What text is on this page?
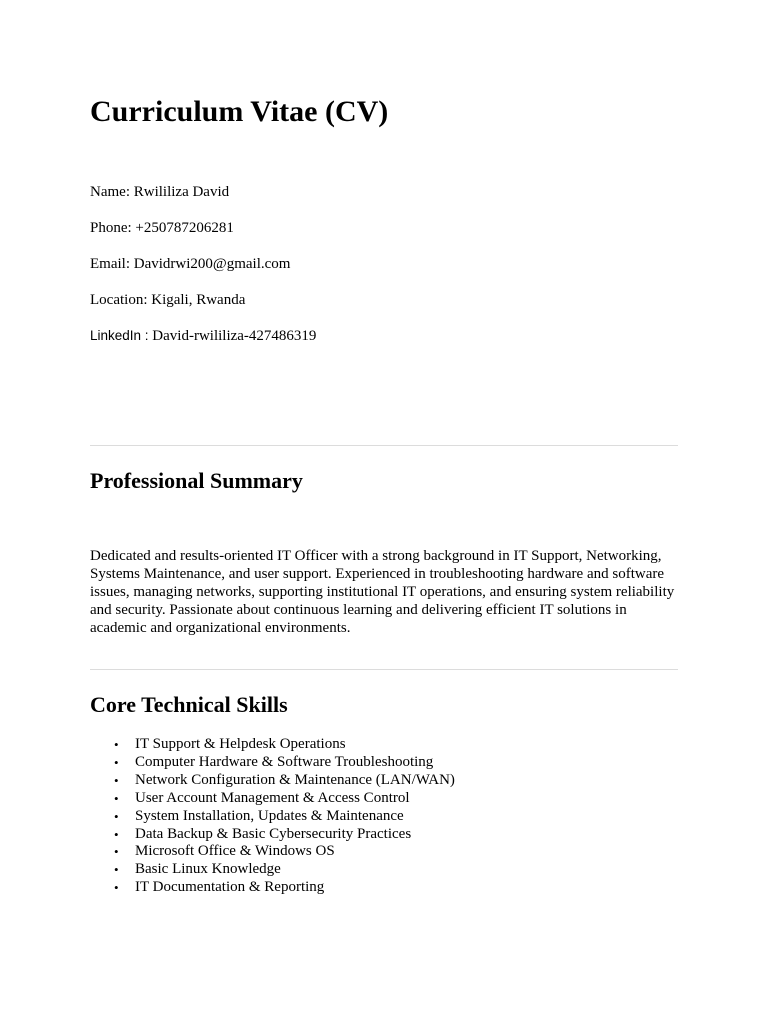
Curriculum Vitae (CV)

Name: Rwililiza David

Phone: +250787206281

Email: Davidrwi200@gmail.com

Location: Kigali, Rwanda

LinkedIn : David-rwililiza-427486319

Professional Summary

Dedicated and results-oriented IT Officer with a strong background in IT Support, Networking, Systems Maintenance, and user support. Experienced in troubleshooting hardware and software issues, managing networks, supporting institutional IT operations, and ensuring system reliability and security. Passionate about continuous learning and delivering efficient IT solutions in academic and organizational environments.

Core Technical Skills
• IT Support & Helpdesk Operations
• Computer Hardware & Software Troubleshooting
• Network Configuration & Maintenance (LAN/WAN)
• User Account Management & Access Control
• System Installation, Updates & Maintenance
• Data Backup & Basic Cybersecurity Practices
• Microsoft Office & Windows OS
• Basic Linux Knowledge
• IT Documentation & Reporting
